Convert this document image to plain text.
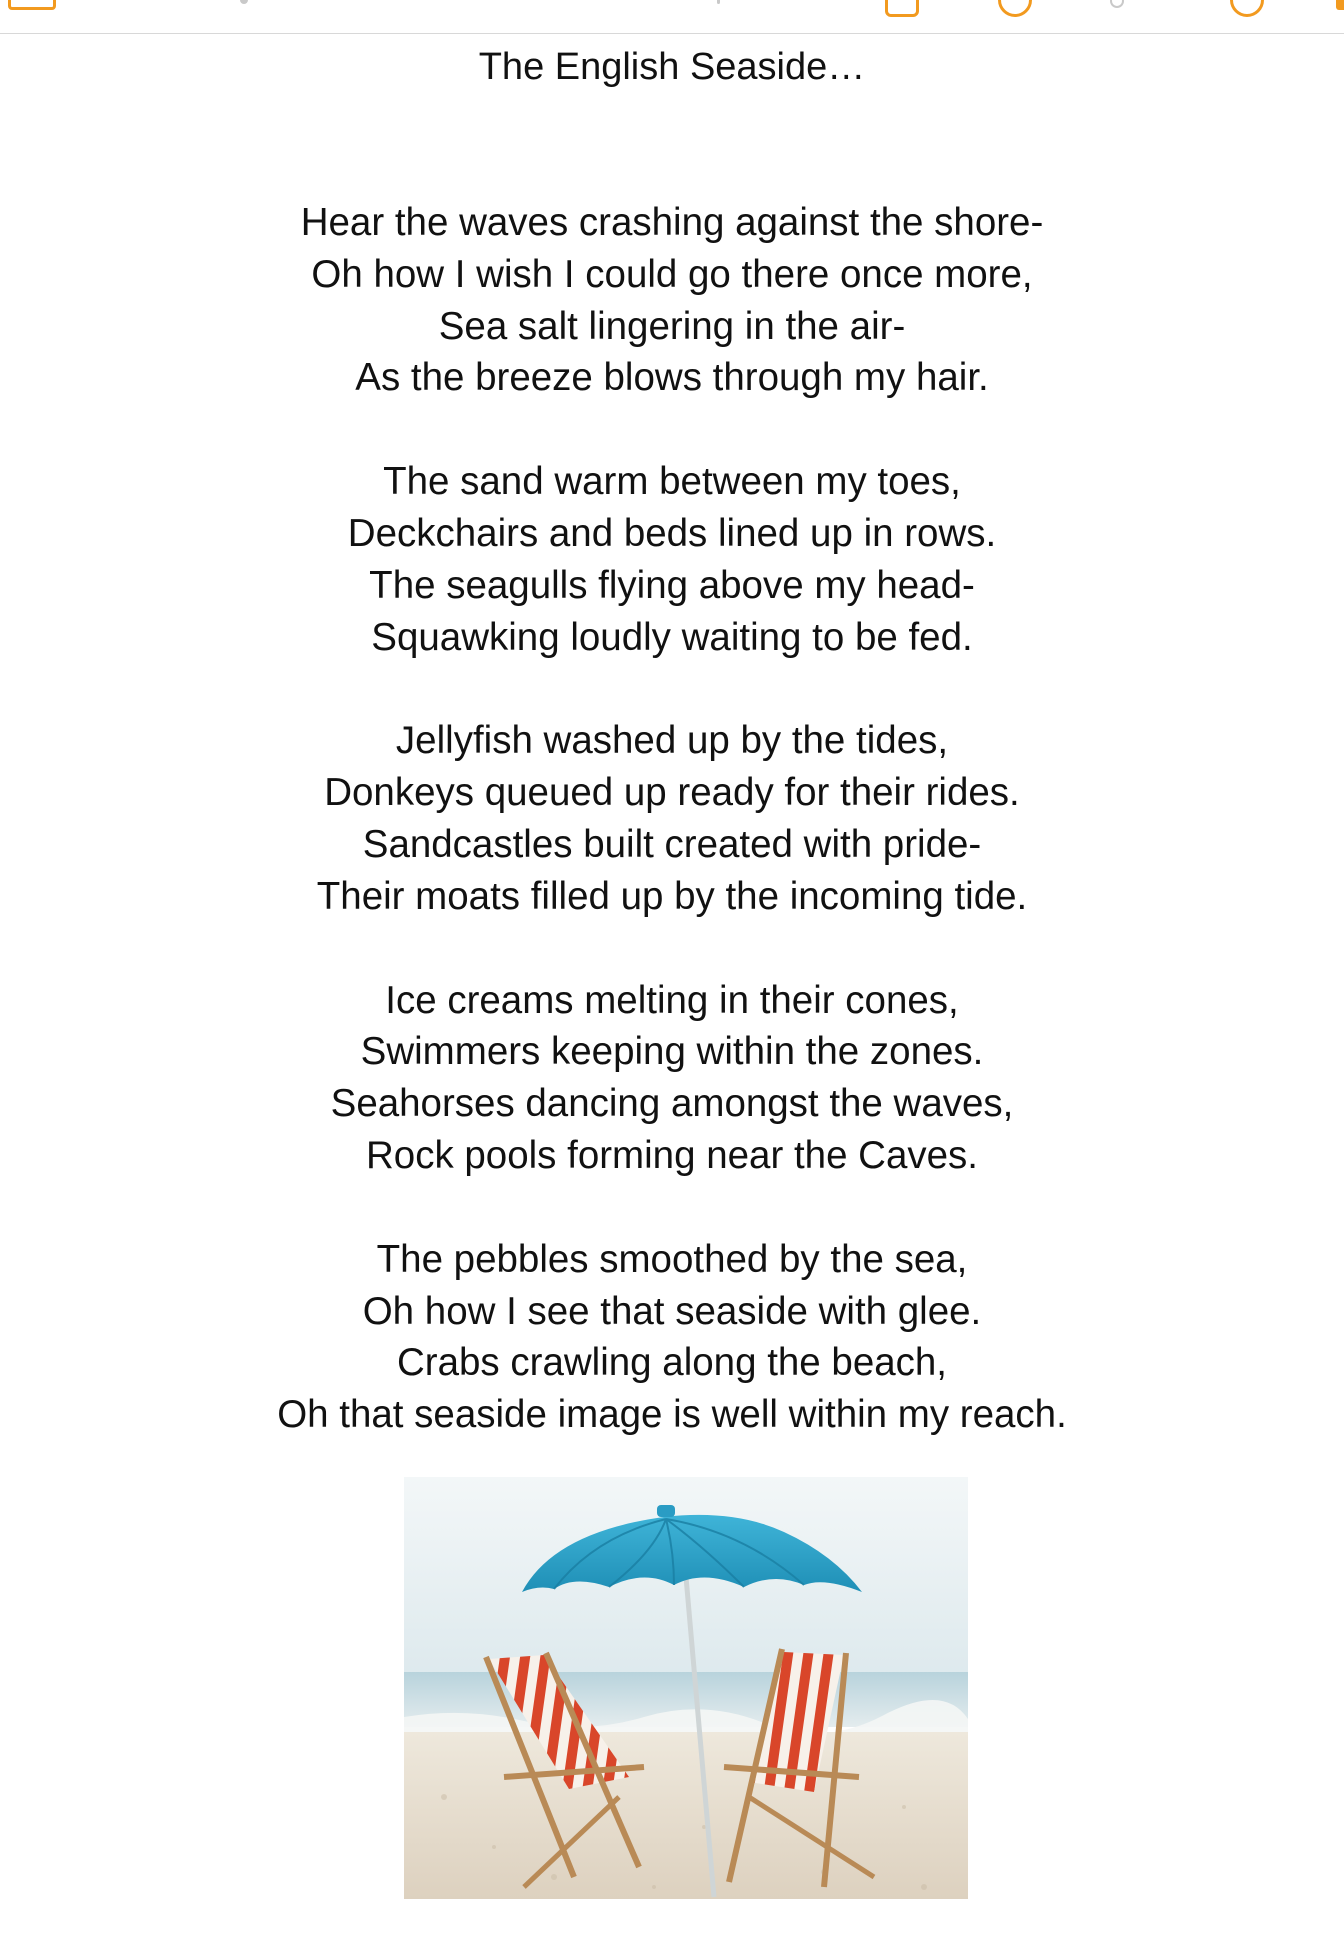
The English Seaside…
Hear the waves crashing against the shore-
Oh how I wish I could go there once more,
Sea salt lingering in the air-
As the breeze blows through my hair.
The sand warm between my toes,
Deckchairs and beds lined up in rows.
The seagulls flying above my head-
Squawking loudly waiting to be fed.
Jellyfish washed up by the tides,
Donkeys queued up ready for their rides.
Sandcastles built created with pride-
Their moats filled up by the incoming tide.
Ice creams melting in their cones,
Swimmers keeping within the zones.
Seahorses dancing amongst the waves,
Rock pools forming near the Caves.
The pebbles smoothed by the sea,
Oh how I see that seaside with glee.
Crabs crawling along the beach,
Oh that seaside image is well within my reach.
